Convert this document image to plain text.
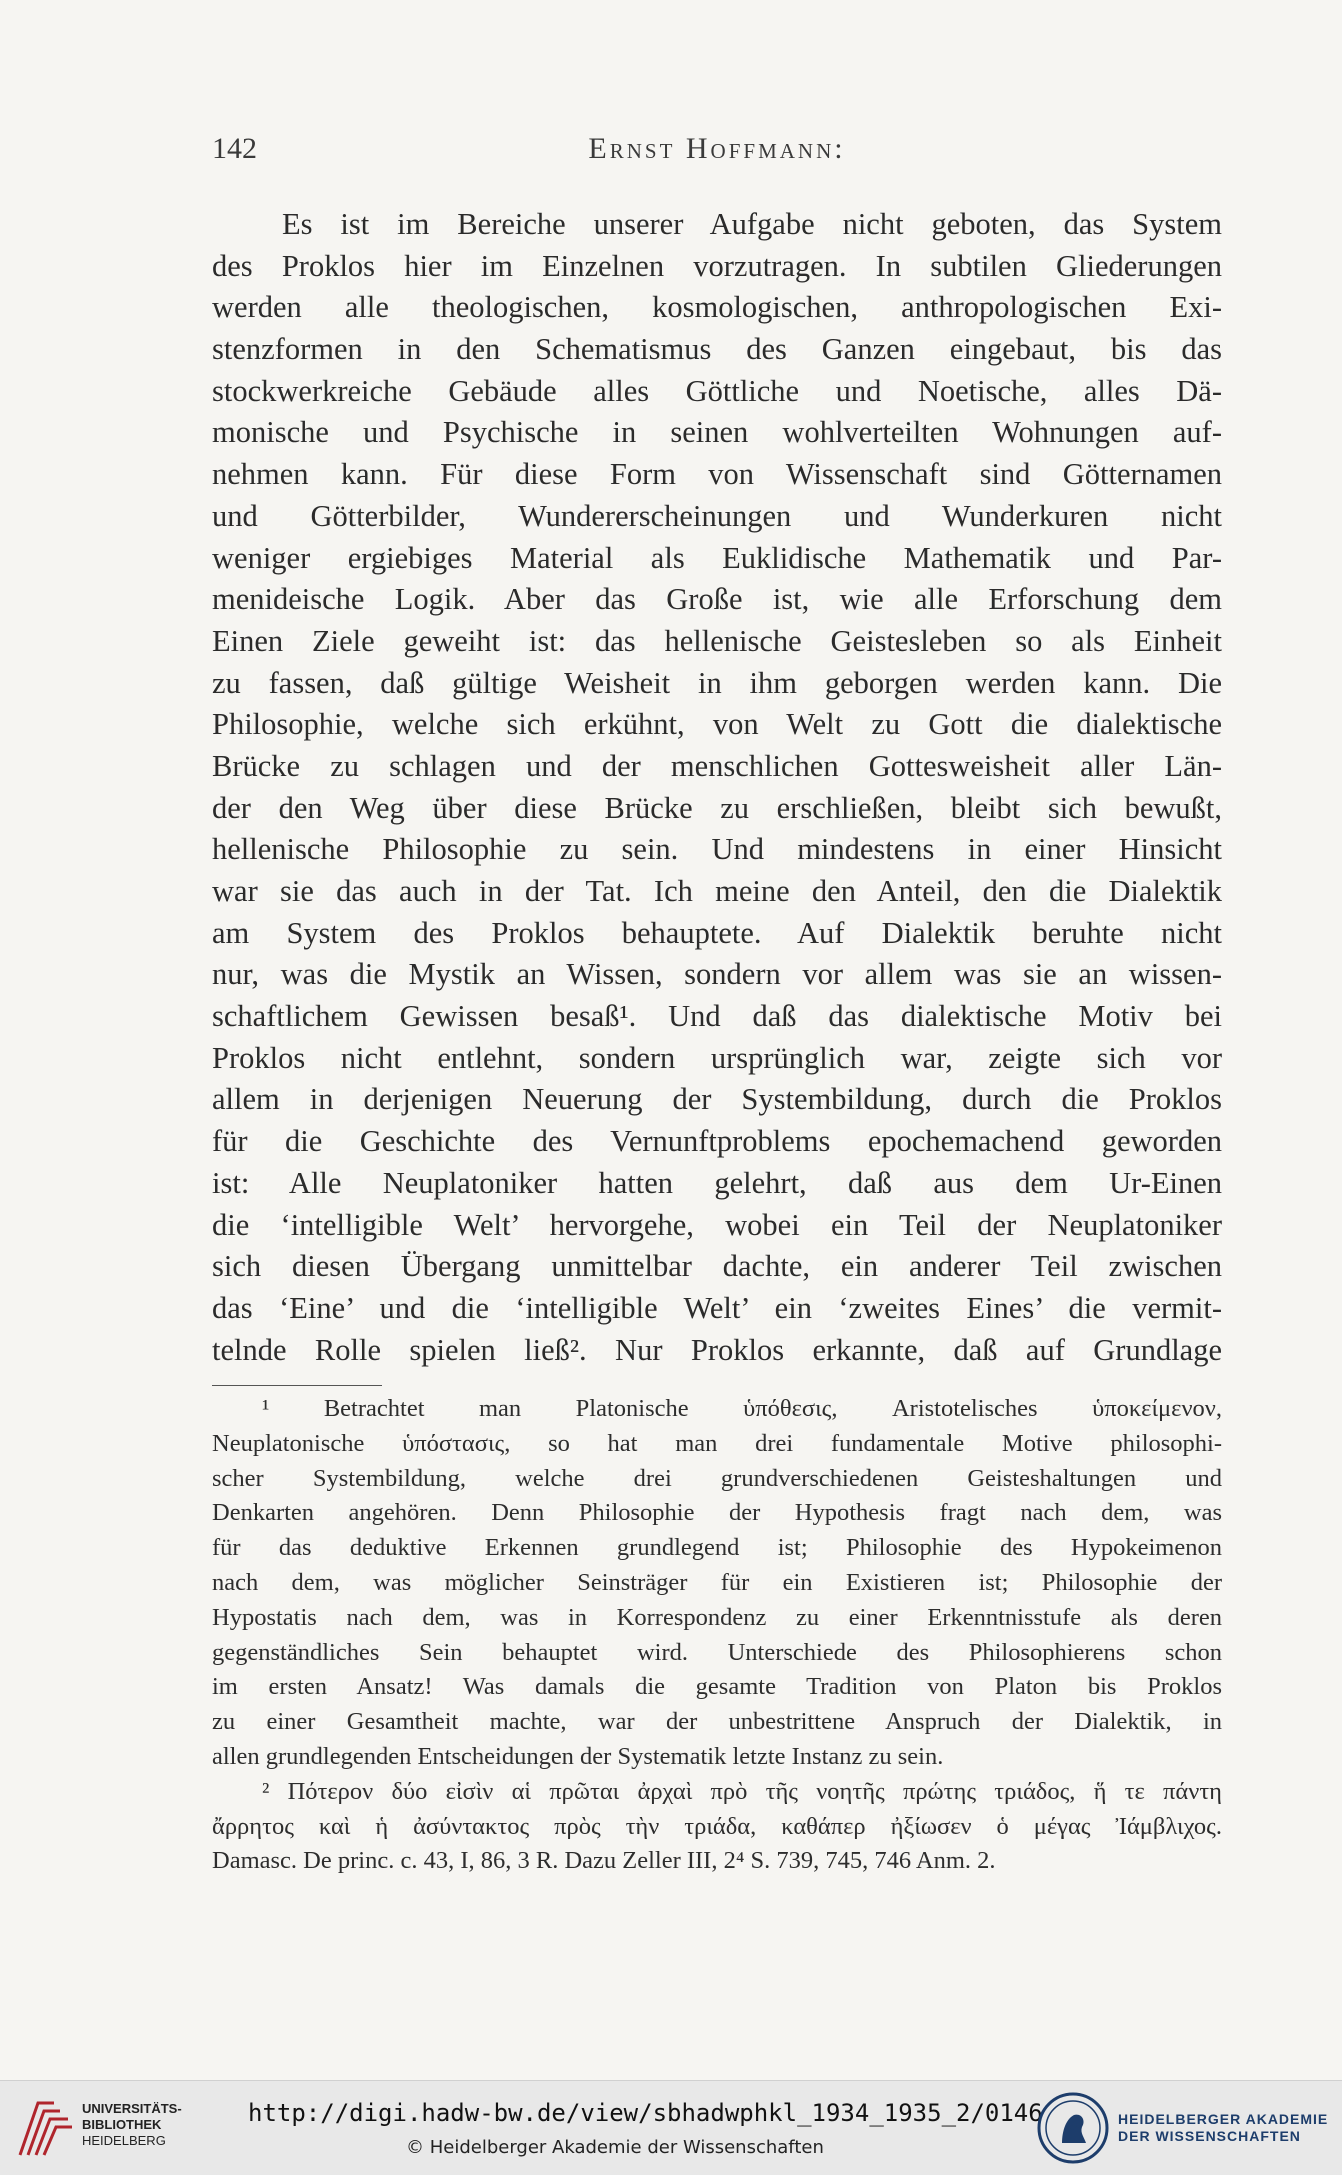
142	Ernst Hoffmann:
Es ist im Bereiche unserer Aufgabe nicht geboten, das System
des Proklos hier im Einzelnen vorzutragen. In subtilen Gliederungen
werden alle theologischen, kosmologischen, anthropologischen Exi-
stenzformen in den Schematismus des Ganzen eingebaut, bis das
stockwerkreiche Gebäude alles Göttliche und Noetische, alles Dä-
monische und Psychische in seinen wohlverteilten Wohnungen auf-
nehmen kann. Für diese Form von Wissenschaft sind Götternamen
und Götterbilder, Wundererscheinungen und Wunderkuren nicht
weniger ergiebiges Material als Euklidische Mathematik und Par-
menideische Logik. Aber das Große ist, wie alle Erforschung dem
Einen Ziele geweiht ist: das hellenische Geistesleben so als Einheit
zu fassen, daß gültige Weisheit in ihm geborgen werden kann. Die
Philosophie, welche sich erkühnt, von Welt zu Gott die dialektische
Brücke zu schlagen und der menschlichen Gottesweisheit aller Län-
der den Weg über diese Brücke zu erschließen, bleibt sich bewußt,
hellenische Philosophie zu sein. Und mindestens in einer Hinsicht
war sie das auch in der Tat. Ich meine den Anteil, den die Dialektik
am System des Proklos behauptete. Auf Dialektik beruhte nicht
nur, was die Mystik an Wissen, sondern vor allem was sie an wissen-
schaftlichem Gewissen besaß¹. Und daß das dialektische Motiv bei
Proklos nicht entlehnt, sondern ursprünglich war, zeigte sich vor
allem in derjenigen Neuerung der Systembildung, durch die Proklos
für die Geschichte des Vernunftproblems epochemachend geworden
ist: Alle Neuplatoniker hatten gelehrt, daß aus dem Ur-Einen
die ‘intelligible Welt’ hervorgehe, wobei ein Teil der Neuplatoniker
sich diesen Übergang unmittelbar dachte, ein anderer Teil zwischen
das ‘Eine’ und die ‘intelligible Welt’ ein ‘zweites Eines’ die vermit-
telnde Rolle spielen ließ². Nur Proklos erkannte, daß auf Grundlage
¹ Betrachtet man Platonische ὑπόθεσις, Aristotelisches ὑποκείμενον,
Neuplatonische ὑπόστασις, so hat man drei fundamentale Motive philosophi-
scher Systembildung, welche drei grundverschiedenen Geisteshaltungen und
Denkarten angehören. Denn Philosophie der Hypothesis fragt nach dem, was
für das deduktive Erkennen grundlegend ist; Philosophie des Hypokeimenon
nach dem, was möglicher Seinsträger für ein Existieren ist; Philosophie der
Hypostatis nach dem, was in Korrespondenz zu einer Erkenntnisstufe als deren
gegenständliches Sein behauptet wird. Unterschiede des Philosophierens schon
im ersten Ansatz! Was damals die gesamte Tradition von Platon bis Proklos
zu einer Gesamtheit machte, war der unbestrittene Anspruch der Dialektik, in
allen grundlegenden Entscheidungen der Systematik letzte Instanz zu sein.
² Πότερον δύο εἰσὶν αἱ πρῶται ἀρχαὶ πρὸ τῆς νοητῆς πρώτης τριάδος, ἥ τε πάντη
ἄρρητος καὶ ἡ ἀσύντακτος πρὸς τὴν τριάδα, καθάπερ ἠξίωσεν ὁ μέγας Ἰάμβλιχος.
Damasc. De princ. c. 43, I, 86, 3 R. Dazu Zeller III, 2⁴ S. 739, 745, 746 Anm. 2.
UNIVERSITÄTS-
BIBLIOTHEK
HEIDELBERG
http://digi.hadw-bw.de/view/sbhadwphkl_1934_1935_2/0146
© Heidelberger Akademie der Wissenschaften
HEIDELBERGER AKADEMIE
DER WISSENSCHAFTEN
